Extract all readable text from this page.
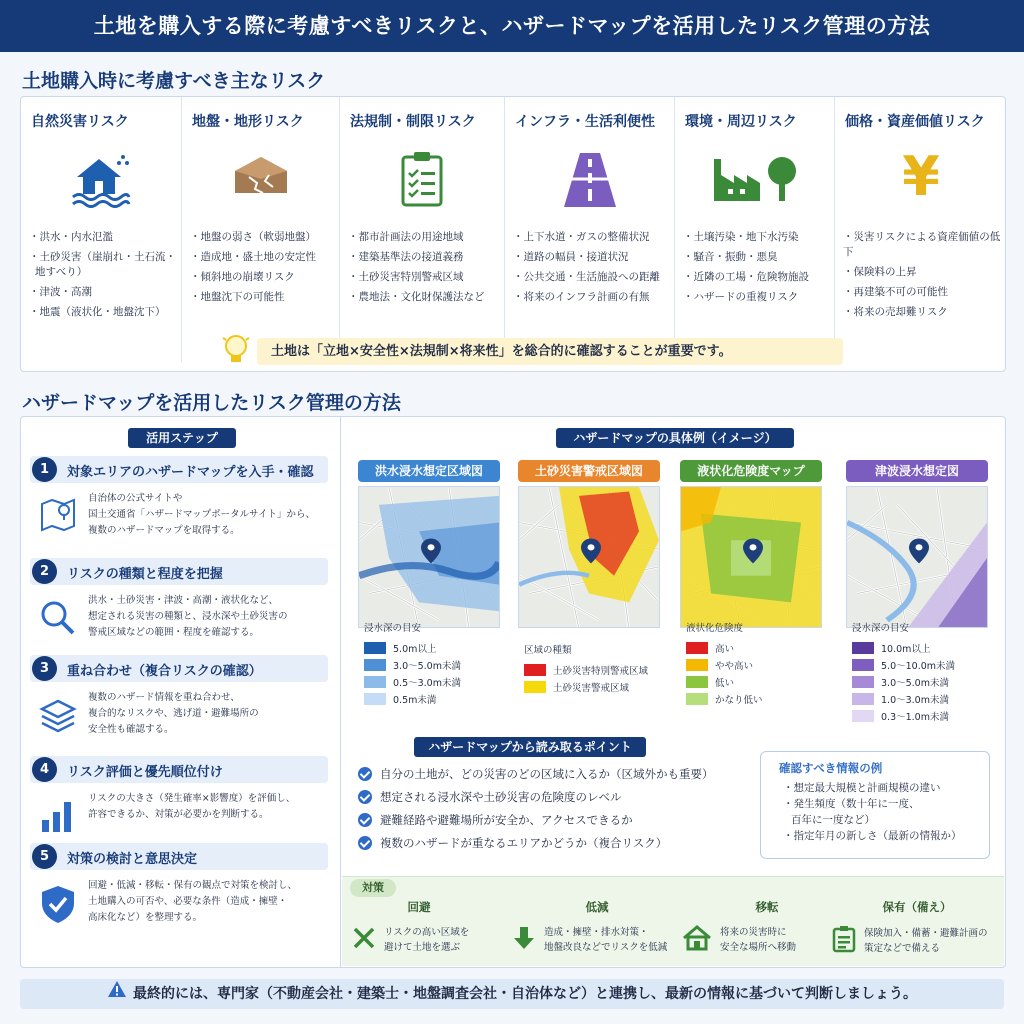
土地を購入する際に考慮すべきリスクと、ハザードマップを活用したリスク管理の方法
土地購入時に考慮すべき主なリスク
自然災害リスク
・洪水・内水氾濫
・土砂災害（崖崩れ・土石流・
地すべり）
・津波・高潮
・地震（液状化・地盤沈下）
地盤・地形リスク
・地盤の弱さ（軟弱地盤）
・造成地・盛土地の安定性
・傾斜地の崩壊リスク
・地盤沈下の可能性
法規制・制限リスク
・都市計画法の用途地域
・建築基準法の接道義務
・土砂災害特別警戒区域
・農地法・文化財保護法など
インフラ・生活利便性
・上下水道・ガスの整備状況
・道路の幅員・接道状況
・公共交通・生活施設への距離
・将来のインフラ計画の有無
環境・周辺リスク
・土壌汚染・地下水汚染
・騒音・振動・悪臭
・近隣の工場・危険物施設
・ハザードの重複リスク
価格・資産価値リスク
¥
・災害リスクによる資産価値の低下
・保険料の上昇
・再建築不可の可能性
・将来の売却難リスク
土地は「立地×安全性×法規制×将来性」を総合的に確認することが重要です。
ハザードマップを活用したリスク管理の方法
活用ステップ
1	対象エリアのハザードマップを入手・確認
自治体の公式サイトや
国土交通省「ハザードマップポータルサイト」から、
複数のハザードマップを取得する。
2	リスクの種類と程度を把握
洪水・土砂災害・津波・高潮・液状化など、
想定される災害の種類と、浸水深や土砂災害の
警戒区域などの範囲・程度を確認する。
3	重ね合わせ（複合リスクの確認）
複数のハザード情報を重ね合わせ、
複合的なリスクや、逃げ道・避難場所の
安全性も確認する。
4	リスク評価と優先順位付け
リスクの大きさ（発生確率×影響度）を評価し、
許容できるか、対策が必要かを判断する。
5	対策の検討と意思決定
回避・低減・移転・保有の観点で対策を検討し、
土地購入の可否や、必要な条件（造成・擁壁・
高床化など）を整理する。
ハザードマップの具体例（イメージ）
洪水浸水想定区域図
浸水深の目安
5.0m以上
3.0〜5.0m未満
0.5〜3.0m未満
0.5m未満
土砂災害警戒区域図
区域の種類
土砂災害特別警戒区域
土砂災害警戒区域
液状化危険度マップ
液状化危険度
高い
やや高い
低い
かなり低い
津波浸水想定図
浸水深の目安
10.0m以上
5.0〜10.0m未満
3.0〜5.0m未満
1.0〜3.0m未満
0.3〜1.0m未満
ハザードマップから読み取るポイント
自分の土地が、どの災害のどの区域に入るか（区域外かも重要）
想定される浸水深や土砂災害の危険度のレベル
避難経路や避難場所が安全か、アクセスできるか
複数のハザードが重なるエリアかどうか（複合リスク）
確認すべき情報の例
・想定最大規模と計画規模の違い
・発生頻度（数十年に一度、
百年に一度など）
・指定年月の新しさ（最新の情報か）
対策
回避
リスクの高い区域を
避けて土地を選ぶ
低減
造成・擁壁・排水対策・
地盤改良などでリスクを低減
移転
将来の災害時に
安全な場所へ移動
保有（備え）
保険加入・備蓄・避難計画の
策定などで備える
最終的には、専門家（不動産会社・建築士・地盤調査会社・自治体など）と連携し、最新の情報に基づいて判断しましょう。
